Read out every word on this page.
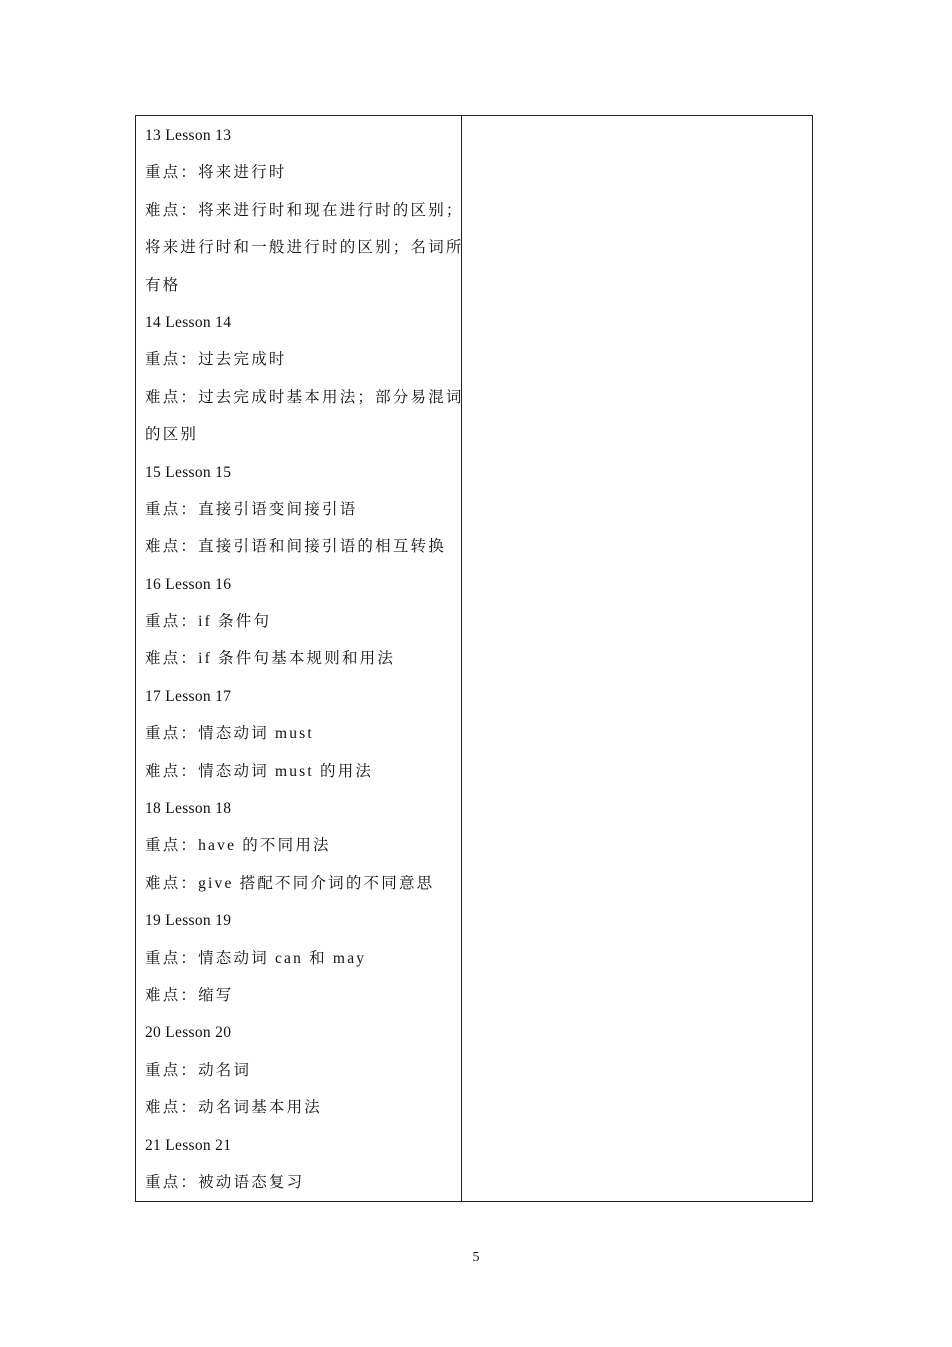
13 Lesson 13
重点：将来进行时
难点：将来进行时和现在进行时的区别；
将来进行时和一般进行时的区别；名词所
有格
14 Lesson 14
重点：过去完成时
难点：过去完成时基本用法；部分易混词
的区别
15 Lesson 15
重点：直接引语变间接引语
难点：直接引语和间接引语的相互转换
16 Lesson 16
重点：if 条件句
难点：if 条件句基本规则和用法
17 Lesson 17
重点：情态动词 must
难点：情态动词 must 的用法
18 Lesson 18
重点：have 的不同用法
难点：give 搭配不同介词的不同意思
19 Lesson 19
重点：情态动词 can 和 may
难点：缩写
20 Lesson 20
重点：动名词
难点：动名词基本用法
21 Lesson 21
重点：被动语态复习
5
